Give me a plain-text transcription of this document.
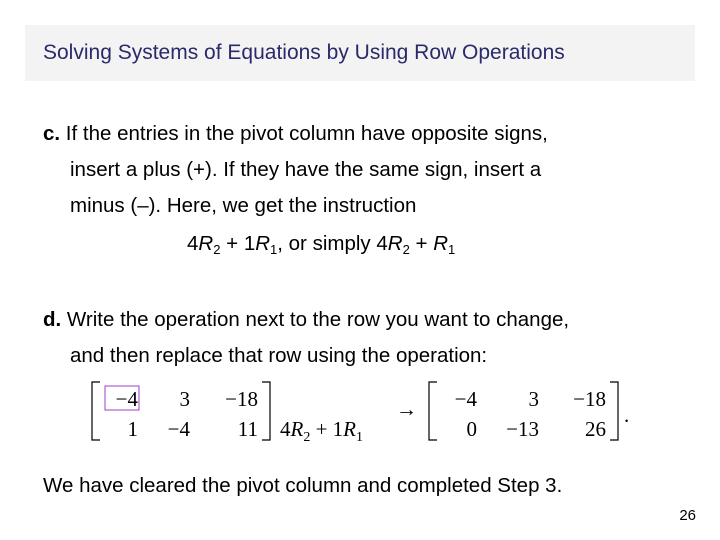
Solving Systems of Equations by Using Row Operations
c. If the entries in the pivot column have opposite signs,
insert a plus (+). If they have the same sign, insert a
minus (–). Here, we get the instruction
$4R_2 + 1R_1$, or simply $4R_2 + R_1$
d. Write the operation next to the row you want to change,
and then replace that row using the operation:
−4 3 −18
1 −4 11 $4R_2 + 1R_1$
→ −4 3 −18
0 −13 26
.
We have cleared the pivot column and completed Step 3.
26
